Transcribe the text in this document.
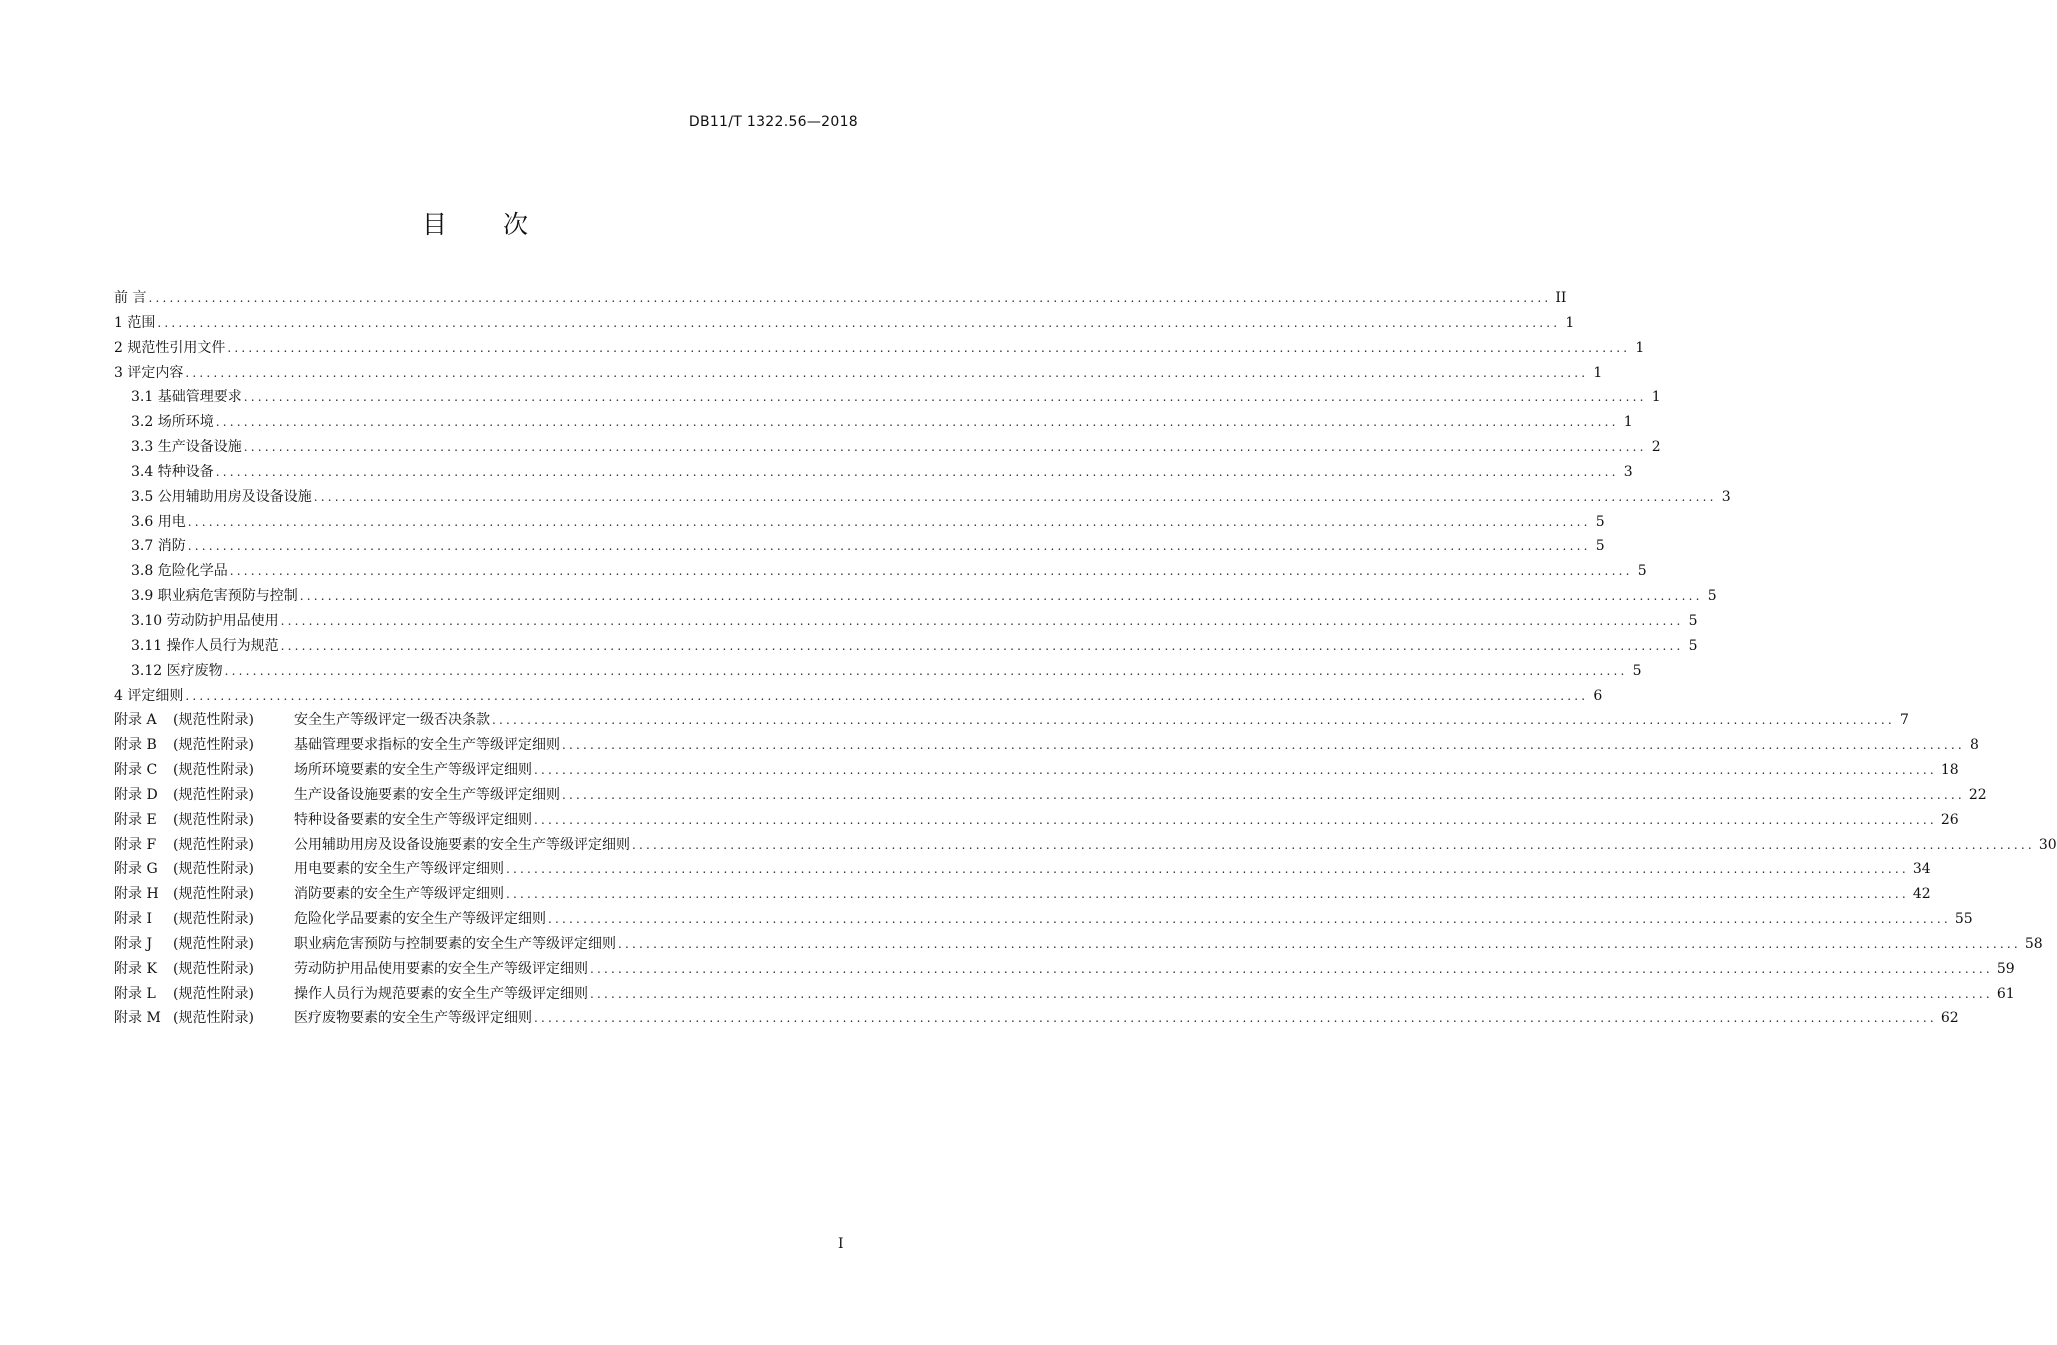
DB11/T 1322.56—2018
目 次
前 言 ........................................................................................................................................................................................................ II
1 范围 ........................................................................................................................................................................................................ 1
2 规范性引用文件 ........................................................................................................................................................................................................ 1
3 评定内容 ........................................................................................................................................................................................................ 1
3.1 基础管理要求 ........................................................................................................................................................................................................ 1
3.2 场所环境 ........................................................................................................................................................................................................ 1
3.3 生产设备设施 ........................................................................................................................................................................................................ 2
3.4 特种设备 ........................................................................................................................................................................................................ 3
3.5 公用辅助用房及设备设施 ........................................................................................................................................................................................................ 3
3.6 用电 ........................................................................................................................................................................................................ 5
3.7 消防 ........................................................................................................................................................................................................ 5
3.8 危险化学品 ........................................................................................................................................................................................................ 5
3.9 职业病危害预防与控制 ........................................................................................................................................................................................................ 5
3.10 劳动防护用品使用 ........................................................................................................................................................................................................ 5
3.11 操作人员行为规范 ........................................................................................................................................................................................................ 5
3.12 医疗废物 ........................................................................................................................................................................................................ 5
4 评定细则 ........................................................................................................................................................................................................ 6
附录 A (规范性附录)	安全生产等级评定一级否决条款 ........................................................................................................................................................................................................ 7
附录 B (规范性附录)	基础管理要求指标的安全生产等级评定细则 ........................................................................................................................................................................................................ 8
附录 C (规范性附录)	场所环境要素的安全生产等级评定细则 ........................................................................................................................................................................................................ 18
附录 D (规范性附录)	生产设备设施要素的安全生产等级评定细则 ........................................................................................................................................................................................................ 22
附录 E (规范性附录)	特种设备要素的安全生产等级评定细则 ........................................................................................................................................................................................................ 26
附录 F (规范性附录)	公用辅助用房及设备设施要素的安全生产等级评定细则 ........................................................................................................................................................................................................ 30
附录 G (规范性附录)	用电要素的安全生产等级评定细则 ........................................................................................................................................................................................................ 34
附录 H (规范性附录)	消防要素的安全生产等级评定细则 ........................................................................................................................................................................................................ 42
附录 I (规范性附录)	危险化学品要素的安全生产等级评定细则 ........................................................................................................................................................................................................ 55
附录 J (规范性附录)	职业病危害预防与控制要素的安全生产等级评定细则 ........................................................................................................................................................................................................ 58
附录 K (规范性附录)	劳动防护用品使用要素的安全生产等级评定细则 ........................................................................................................................................................................................................ 59
附录 L (规范性附录)	操作人员行为规范要素的安全生产等级评定细则 ........................................................................................................................................................................................................ 61
附录 M (规范性附录)	医疗废物要素的安全生产等级评定细则 ........................................................................................................................................................................................................ 62
I
